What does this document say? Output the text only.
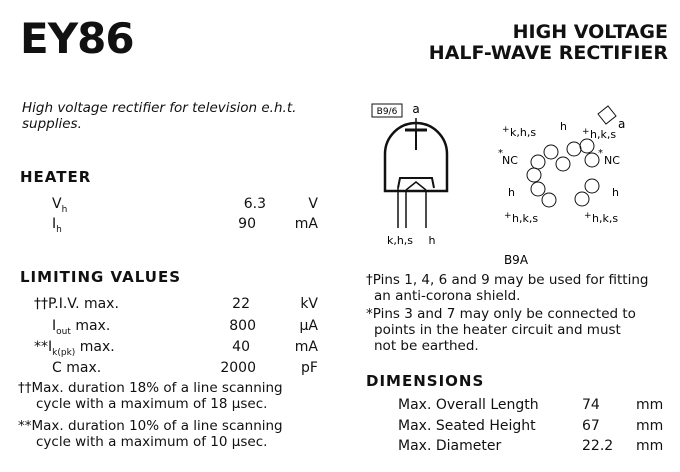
EY86	HIGH VOLTAGE
HALF-WAVE RECTIFIER
High voltage rectifier for television e.h.t.
supplies.
HEATER
$V_h$	6.3	V
$I_h$	90	mA
LIMITING VALUES
††P.I.V. max.	22	kV
$I_{out}$ max.	800	μA
$**I_{k(pk)}$ max.	40	mA
C max.	2000	pF
††Max. duration 18% of a line scanning
cycle with a maximum of 18 μsec.
**Max. duration 10% of a line scanning
cycle with a maximum of 10 μsec.
B9/6 a
k,h,s h
a
h
+ k,h,s	+ h,k,s
*
NC
*
NC
h	h
+ h,k,s	+ h,k,s
B9A
†Pins 1, 4, 6 and 9 may be used for fitting
an anti-corona shield.
*Pins 3 and 7 may only be connected to
points in the heater circuit and must
not be earthed.
DIMENSIONS
Max. Overall Length	74	mm
Max. Seated Height	67	mm
Max. Diameter	22.2 mm
